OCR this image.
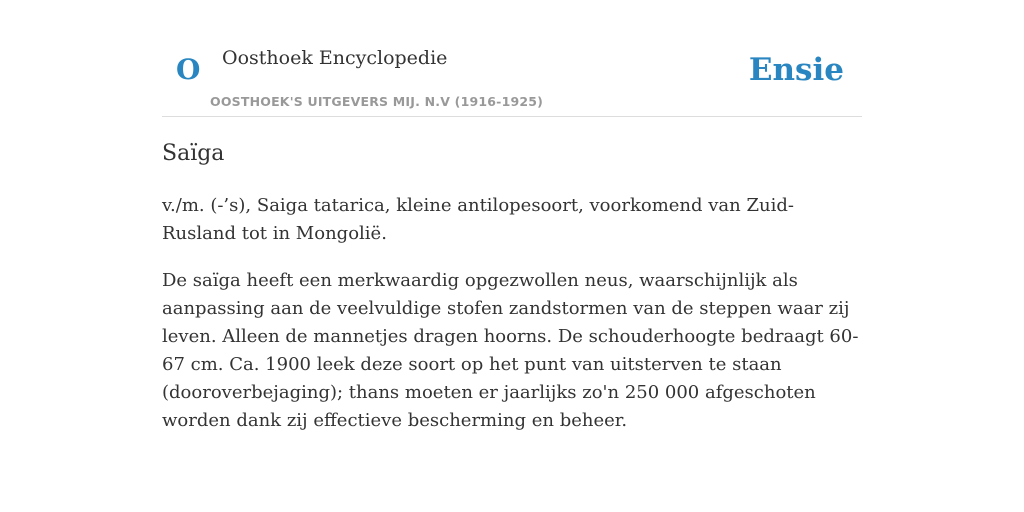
O Oosthoek Encyclopedie
OOSTHOEK'S UITGEVERS MIJ. N.V (1916-1925)
Ensie
Saïga

v./m. (-’s), Saiga tatarica, kleine antilopesoort, voorkomend van Zuid-Rusland tot in Mongolië.

De saïga heeft een merkwaardig opgezwollen neus, waarschijnlijk als aanpassing aan de veelvuldige stofen zandstormen van de steppen waar zij leven. Alleen de mannetjes dragen hoorns. De schouderhoogte bedraagt 60-67 cm. Ca. 1900 leek deze soort op het punt van uitsterven te staan (dooroverbejaging); thans moeten er jaarlijks zo'n 250 000 afgeschoten worden dank zij effectieve bescherming en beheer.
